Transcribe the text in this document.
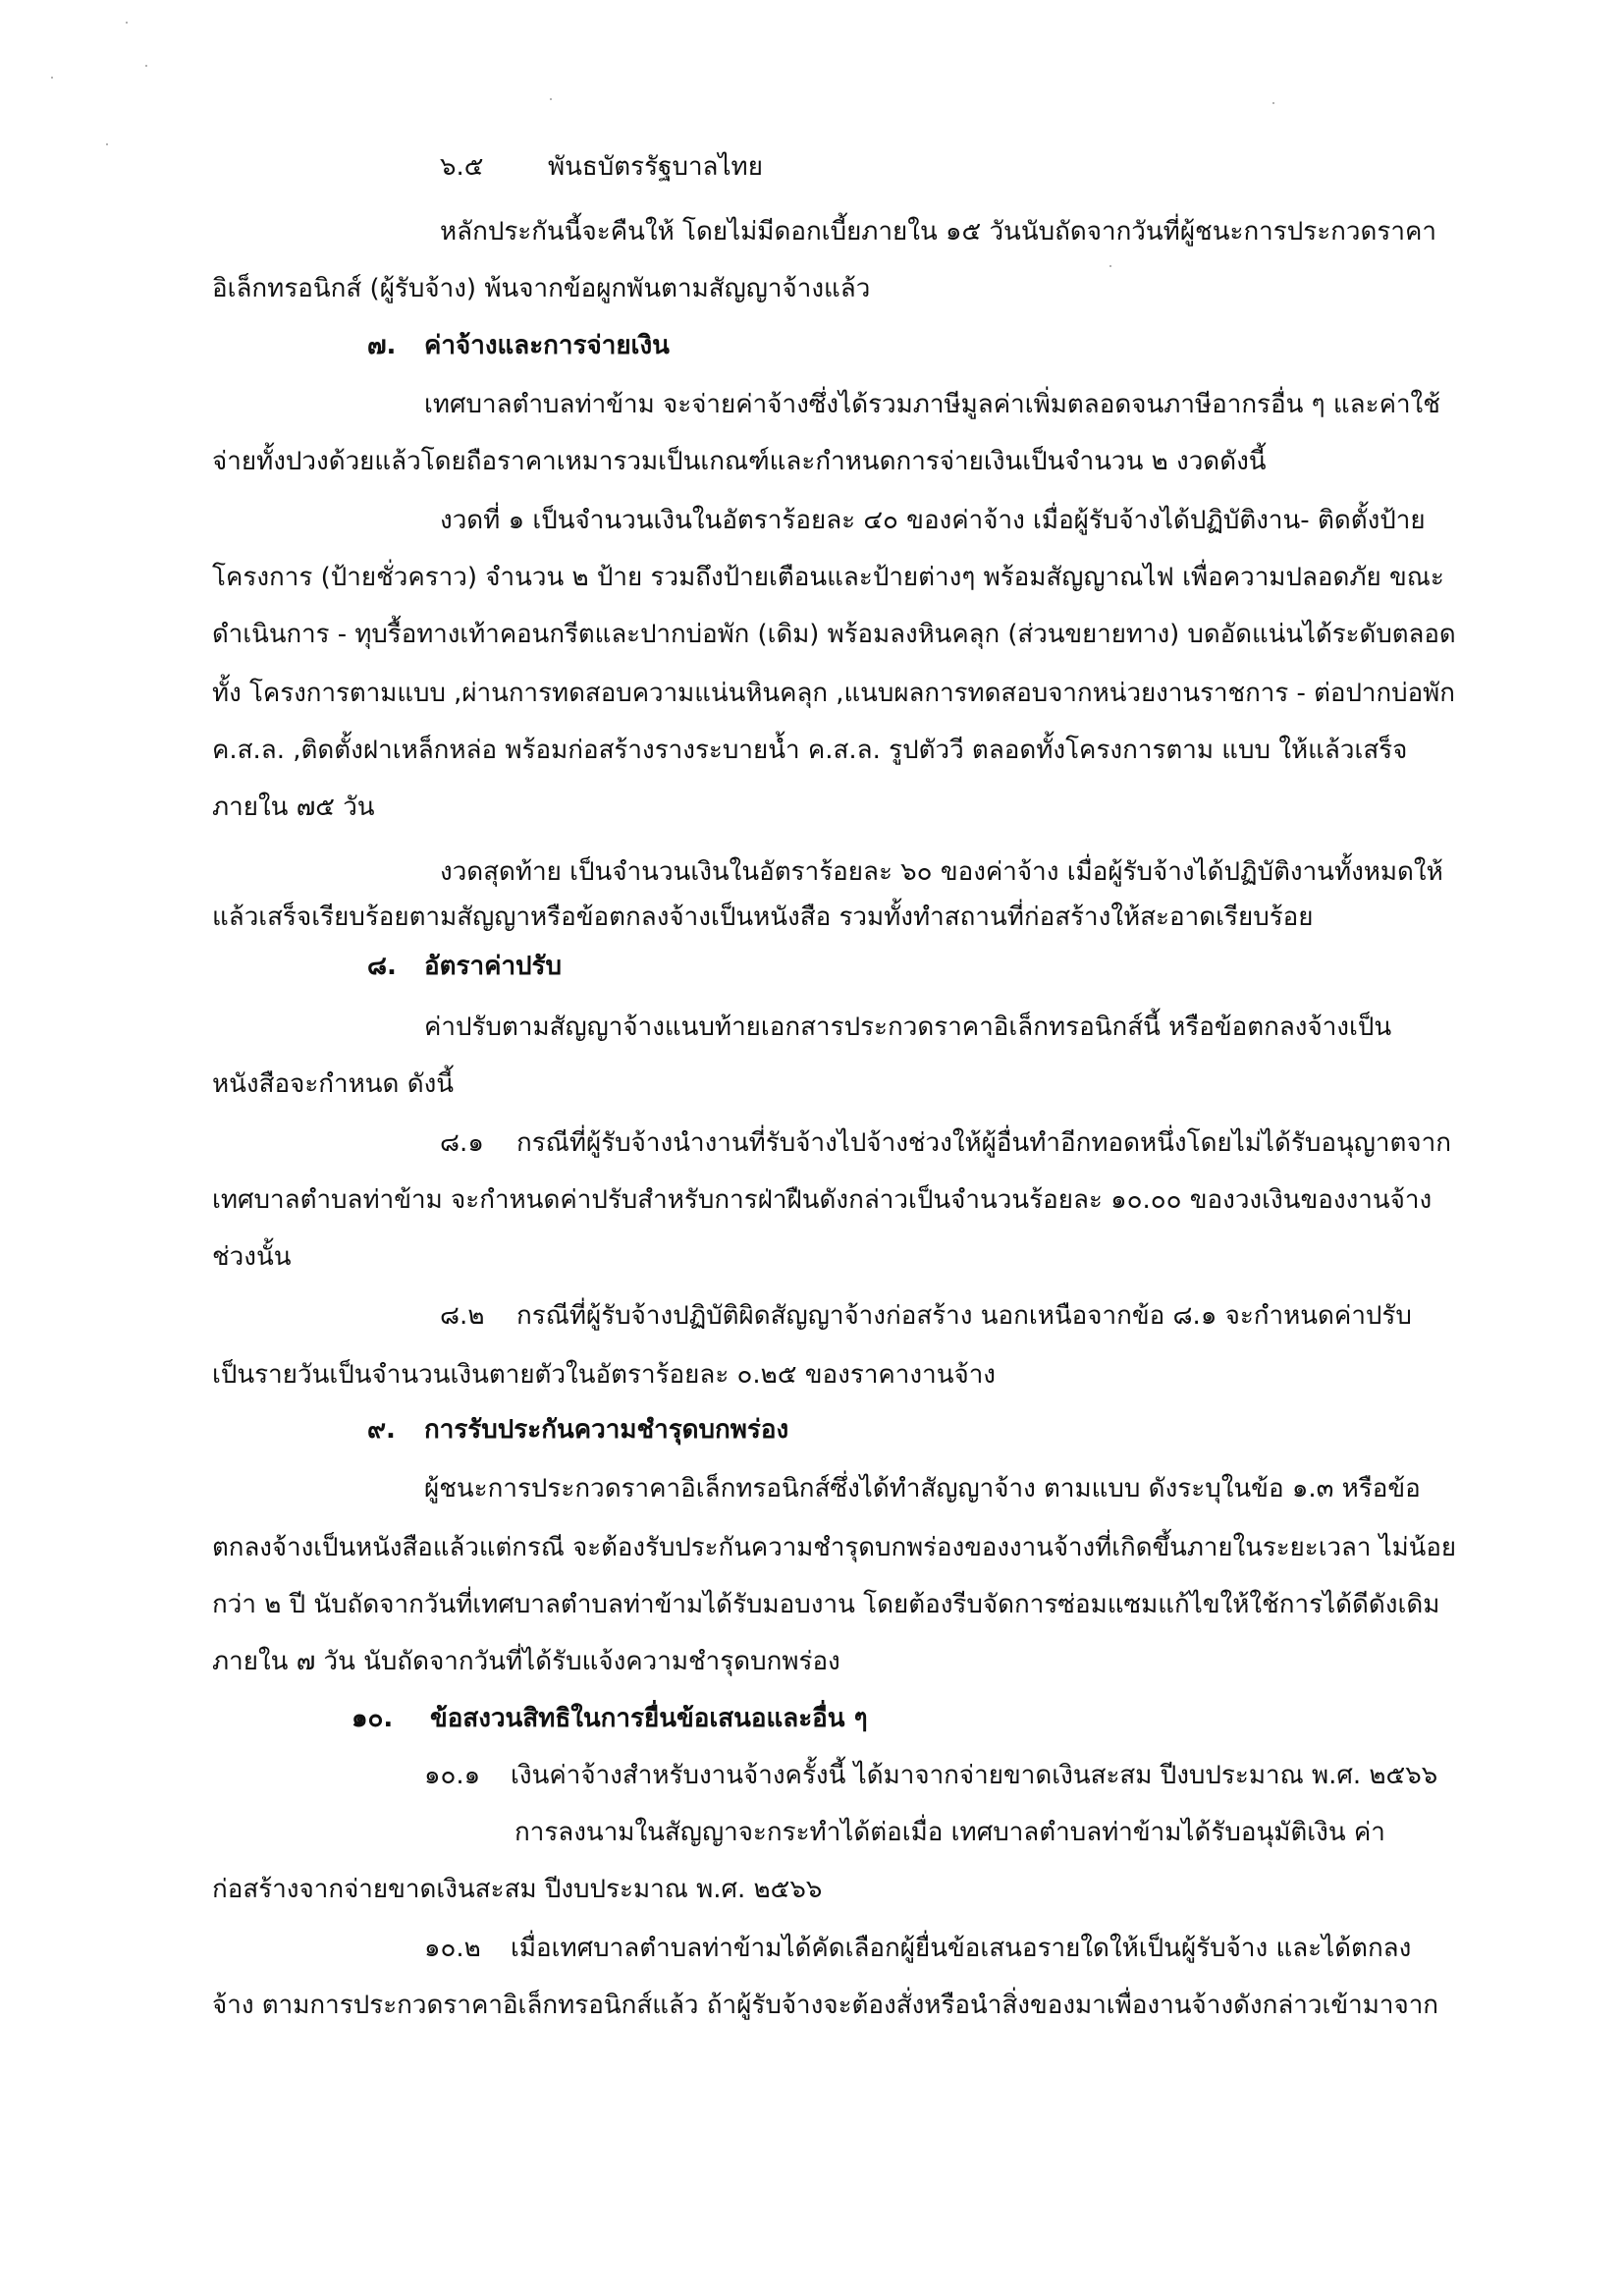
๖.๕	พันธบัตรรัฐบาลไทย
หลักประกันนี้จะคืนให้ โดยไม่มีดอกเบี้ยภายใน ๑๕ วันนับถัดจากวันที่ผู้ชนะการประกวดราคา
อิเล็กทรอนิกส์ (ผู้รับจ้าง) พ้นจากข้อผูกพันตามสัญญาจ้างแล้ว
๗. ค่าจ้างและการจ่ายเงิน
เทศบาลตำบลท่าข้าม จะจ่ายค่าจ้างซึ่งได้รวมภาษีมูลค่าเพิ่มตลอดจนภาษีอากรอื่น ๆ และค่าใช้
จ่ายทั้งปวงด้วยแล้วโดยถือราคาเหมารวมเป็นเกณฑ์และกำหนดการจ่ายเงินเป็นจำนวน ๒ งวดดังนี้
งวดที่ ๑ เป็นจำนวนเงินในอัตราร้อยละ ๔๐ ของค่าจ้าง เมื่อผู้รับจ้างได้ปฏิบัติงาน- ติดตั้งป้าย
โครงการ (ป้ายชั่วคราว) จำนวน ๒ ป้าย รวมถึงป้ายเตือนและป้ายต่างๆ พร้อมสัญญาณไฟ เพื่อความปลอดภัย ขณะ
ดำเนินการ - ทุบรื้อทางเท้าคอนกรีตและปากบ่อพัก (เดิม) พร้อมลงหินคลุก (ส่วนขยายทาง) บดอัดแน่นได้ระดับตลอด
ทั้ง โครงการตามแบบ ,ผ่านการทดสอบความแน่นหินคลุก ,แนบผลการทดสอบจากหน่วยงานราชการ - ต่อปากบ่อพัก
ค.ส.ล. ,ติดตั้งฝาเหล็กหล่อ พร้อมก่อสร้างรางระบายน้ำ ค.ส.ล. รูปตัววี ตลอดทั้งโครงการตาม แบบ ให้แล้วเสร็จ
ภายใน ๗๕ วัน
งวดสุดท้าย เป็นจำนวนเงินในอัตราร้อยละ ๖๐ ของค่าจ้าง เมื่อผู้รับจ้างได้ปฏิบัติงานทั้งหมดให้
แล้วเสร็จเรียบร้อยตามสัญญาหรือข้อตกลงจ้างเป็นหนังสือ รวมทั้งทำสถานที่ก่อสร้างให้สะอาดเรียบร้อย
๘. อัตราค่าปรับ
ค่าปรับตามสัญญาจ้างแนบท้ายเอกสารประกวดราคาอิเล็กทรอนิกส์นี้ หรือข้อตกลงจ้างเป็น
หนังสือจะกำหนด ดังนี้
๘.๑ กรณีที่ผู้รับจ้างนำงานที่รับจ้างไปจ้างช่วงให้ผู้อื่นทำอีกทอดหนึ่งโดยไม่ได้รับอนุญาตจาก
เทศบาลตำบลท่าข้าม จะกำหนดค่าปรับสำหรับการฝ่าฝืนดังกล่าวเป็นจำนวนร้อยละ ๑๐.๐๐ ของวงเงินของงานจ้าง
ช่วงนั้น
๘.๒ กรณีที่ผู้รับจ้างปฏิบัติผิดสัญญาจ้างก่อสร้าง นอกเหนือจากข้อ ๘.๑ จะกำหนดค่าปรับ
เป็นรายวันเป็นจำนวนเงินตายตัวในอัตราร้อยละ ๐.๒๕ ของราคางานจ้าง
๙. การรับประกันความชำรุดบกพร่อง
ผู้ชนะการประกวดราคาอิเล็กทรอนิกส์ซึ่งได้ทำสัญญาจ้าง ตามแบบ ดังระบุในข้อ ๑.๓ หรือข้อ
ตกลงจ้างเป็นหนังสือแล้วแต่กรณี จะต้องรับประกันความชำรุดบกพร่องของงานจ้างที่เกิดขึ้นภายในระยะเวลา ไม่น้อย
กว่า ๒ ปี นับถัดจากวันที่เทศบาลตำบลท่าข้ามได้รับมอบงาน โดยต้องรีบจัดการซ่อมแซมแก้ไขให้ใช้การได้ดีดังเดิม
ภายใน ๗ วัน นับถัดจากวันที่ได้รับแจ้งความชำรุดบกพร่อง
๑๐. ข้อสงวนสิทธิในการยื่นข้อเสนอและอื่น ๆ
๑๐.๑ เงินค่าจ้างสำหรับงานจ้างครั้งนี้ ได้มาจากจ่ายขาดเงินสะสม ปีงบประมาณ พ.ศ. ๒๕๖๖
การลงนามในสัญญาจะกระทำได้ต่อเมื่อ เทศบาลตำบลท่าข้ามได้รับอนุมัติเงิน ค่า
ก่อสร้างจากจ่ายขาดเงินสะสม ปีงบประมาณ พ.ศ. ๒๕๖๖
๑๐.๒ เมื่อเทศบาลตำบลท่าข้ามได้คัดเลือกผู้ยื่นข้อเสนอรายใดให้เป็นผู้รับจ้าง และได้ตกลง
จ้าง ตามการประกวดราคาอิเล็กทรอนิกส์แล้ว ถ้าผู้รับจ้างจะต้องสั่งหรือนำสิ่งของมาเพื่องานจ้างดังกล่าวเข้ามาจาก
